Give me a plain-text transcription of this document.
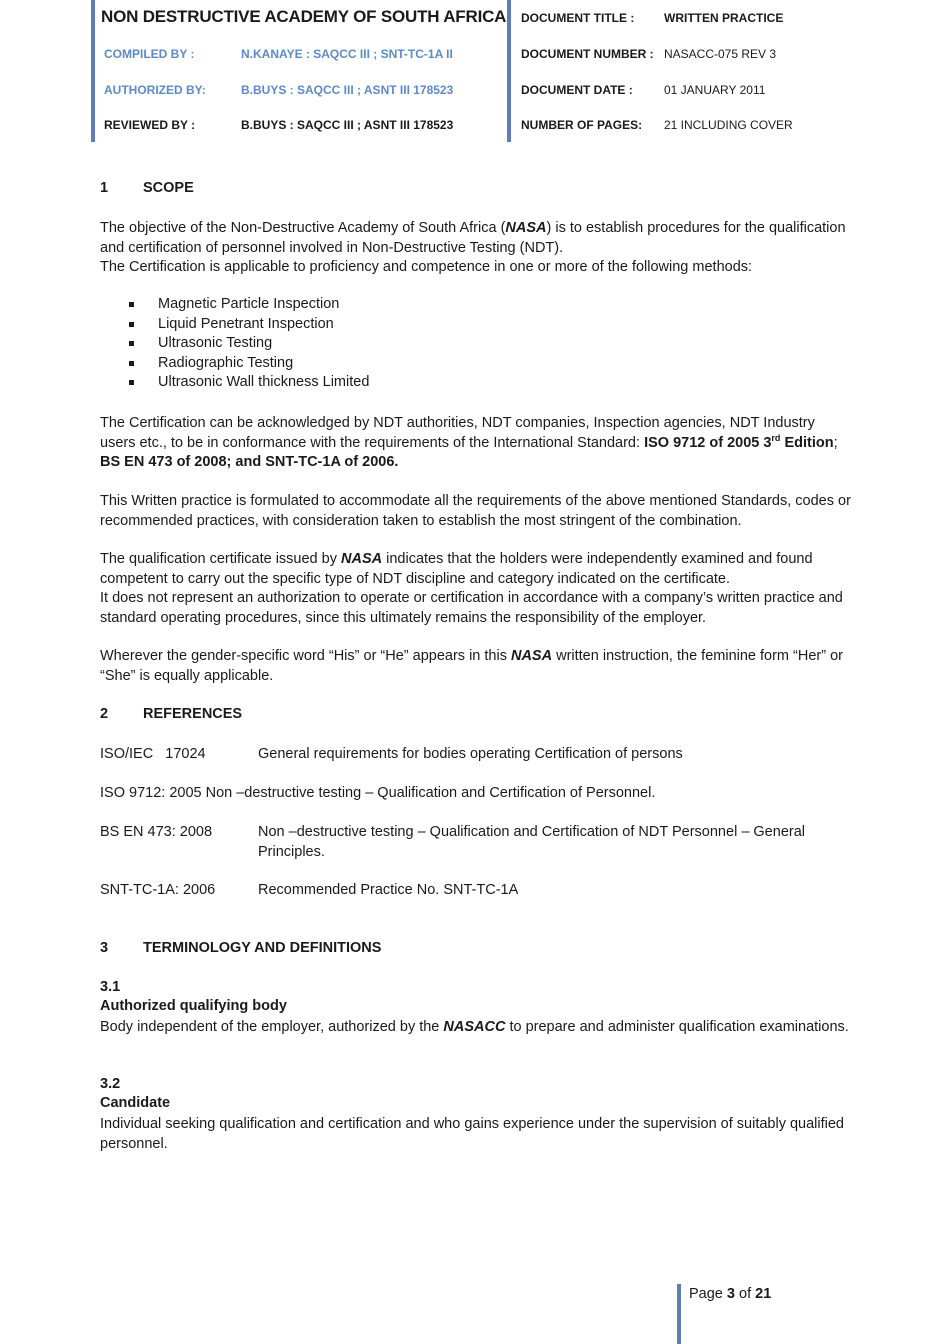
NON DESTRUCTIVE ACADEMY OF SOUTH AFRICA
COMPILED BY :	N.KANAYE : SAQCC III ; SNT-TC-1A II
AUTHORIZED BY:	B.BUYS : SAQCC III ; ASNT III 178523
REVIEWED BY :	B.BUYS : SAQCC III ; ASNT III 178523
DOCUMENT TITLE : WRITTEN PRACTICE
DOCUMENT NUMBER : NASACC-075 REV 3
DOCUMENT DATE :	01 JANUARY 2011
NUMBER OF PAGES: 21 INCLUDING COVER
1 SCOPE
The objective of the Non-Destructive Academy of South Africa (NASA) is to establish procedures for the qualification and certification of personnel involved in Non-Destructive Testing (NDT).
The Certification is applicable to proficiency and competence in one or more of the following methods:
Magnetic Particle Inspection
Liquid Penetrant Inspection
Ultrasonic Testing
Radiographic Testing
Ultrasonic Wall thickness Limited
The Certification can be acknowledged by NDT authorities, NDT companies, Inspection agencies, NDT Industry users etc., to be in conformance with the requirements of the International Standard: ISO 9712 of 2005 3rd Edition;
BS EN 473 of 2008; and SNT-TC-1A of 2006.
This Written practice is formulated to accommodate all the requirements of the above mentioned Standards, codes or recommended practices, with consideration taken to establish the most stringent of the combination.
The qualification certificate issued by NASA indicates that the holders were independently examined and found competent to carry out the specific type of NDT discipline and category indicated on the certificate.
It does not represent an authorization to operate or certification in accordance with a company’s written practice and standard operating procedures, since this ultimately remains the responsibility of the employer.
Wherever the gender-specific word “His” or “He” appears in this NASA written instruction, the feminine form “Her” or “She” is equally applicable.
2 REFERENCES
ISO/IEC   17024	General requirements for bodies operating Certification of persons
ISO 9712: 2005 Non –destructive testing – Qualification and Certification of Personnel.
BS EN 473: 2008	Non –destructive testing – Qualification and Certification of NDT Personnel – General Principles.
SNT-TC-1A: 2006	Recommended Practice No. SNT-TC-1A
3 TERMINOLOGY AND DEFINITIONS
3.1
Authorized qualifying body
Body independent of the employer, authorized by the NASACC to prepare and administer qualification examinations.
3.2
Candidate
Individual seeking qualification and certification and who gains experience under the supervision of suitably qualified personnel.
Page 3 of 21
